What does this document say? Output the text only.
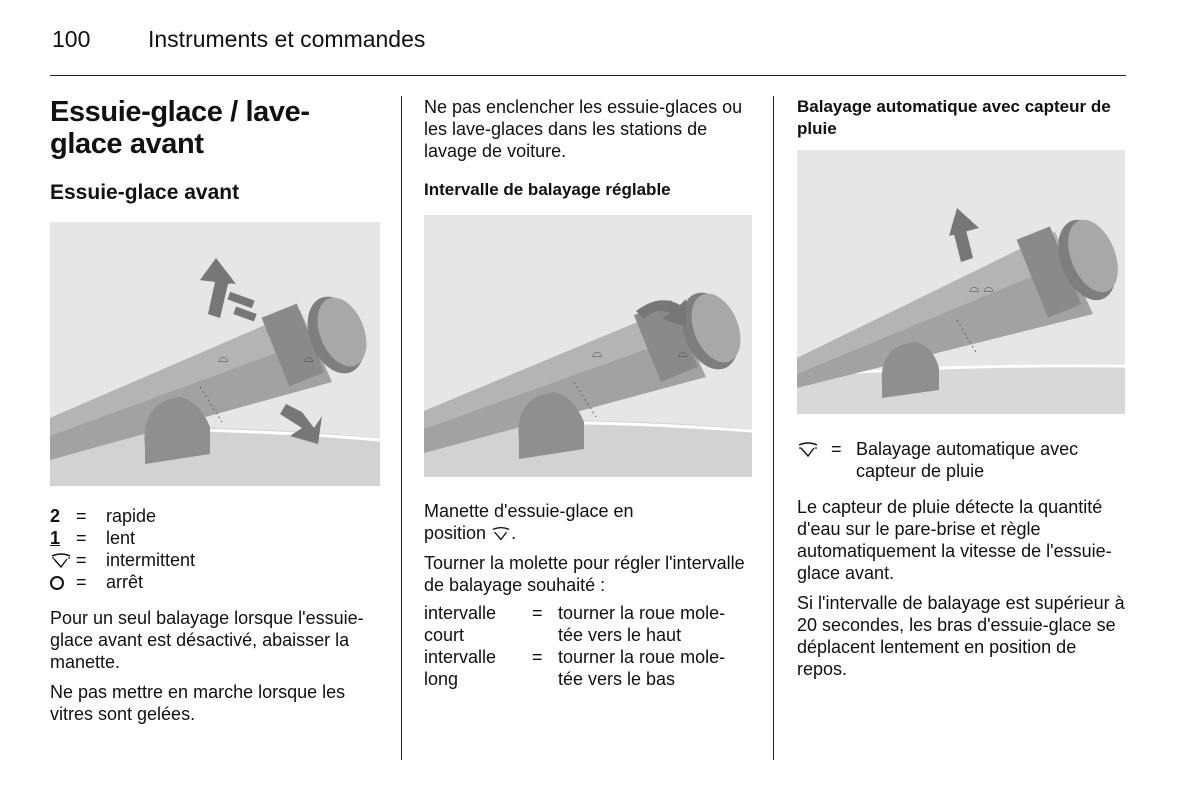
100	Instruments et commandes
Essuie-glace / lave-glace avant
Essuie-glace avant
⌓	⌓
2 =	rapide
1 =	lent
=	intermittent
=	arrêt

Pour un seul balayage lorsque l'essuie-glace avant est désactivé, abaisser la manette.

Ne pas mettre en marche lorsque les vitres sont gelées.

Ne pas enclencher les essuie-glaces ou les lave-glaces dans les stations de lavage de voiture.

Intervalle de balayage réglable
⌓	⌓

Manette d'essuie-glace en
position .

Tourner la molette pour régler l'intervalle de balayage souhaité :

intervalle
court
= tourner la roue mole-
tée vers le haut
intervalle
long
= tourner la roue mole-
tée vers le bas
Balayage automatique avec capteur de pluie
⌓ ⌓
= Balayage automatique avec capteur de pluie

Le capteur de pluie détecte la quantité d'eau sur le pare-brise et règle automatiquement la vitesse de l'essuie-glace avant.

Si l'intervalle de balayage est supérieur à 20 secondes, les bras d'essuie-glace se déplacent lentement en position de repos.
